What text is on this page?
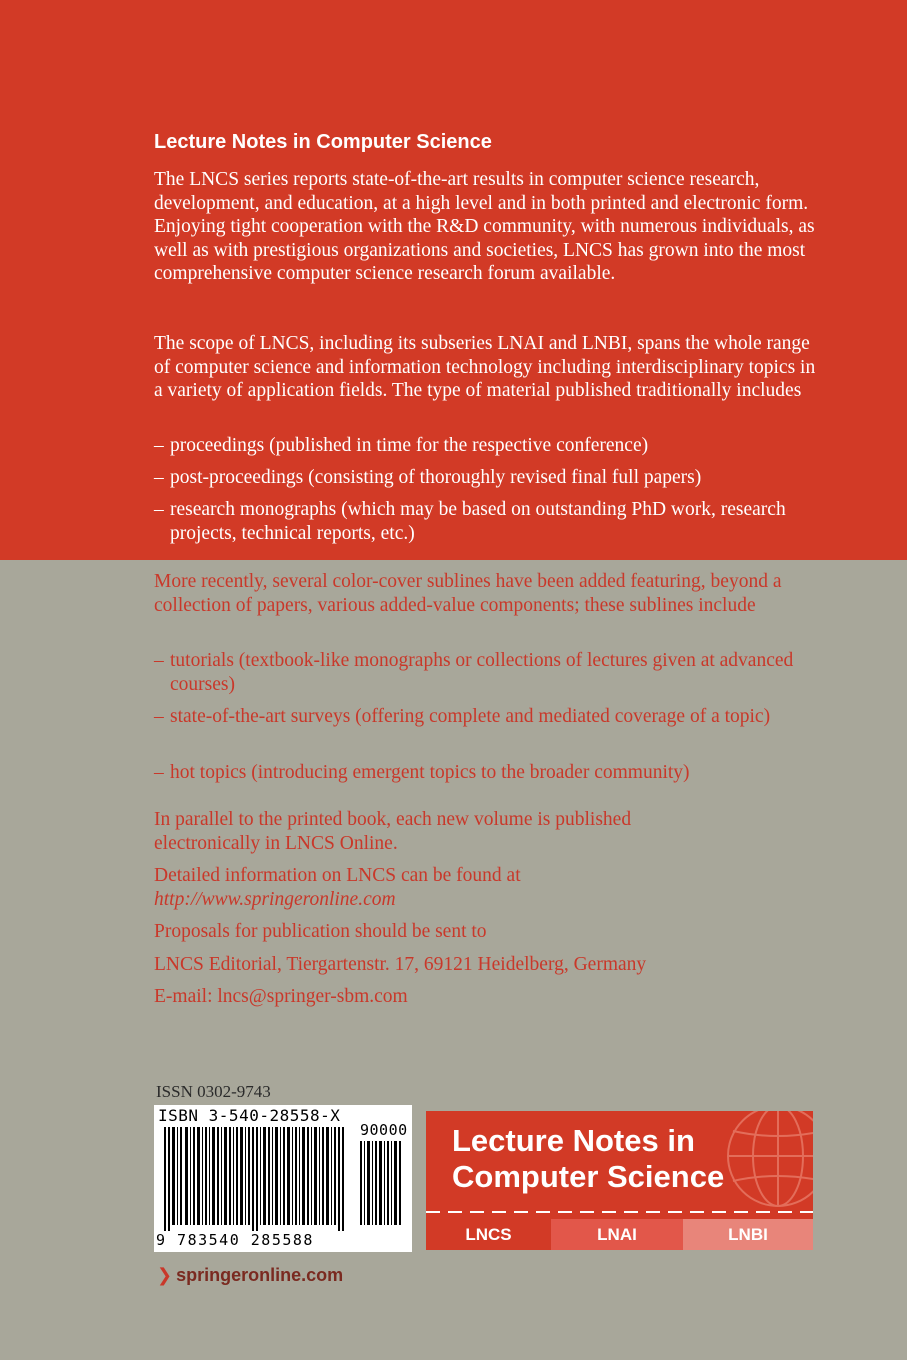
Lecture Notes in Computer Science
The LNCS series reports state-of-the-art results in computer science research, development, and education, at a high level and in both printed and electronic form. Enjoying tight cooperation with the R&D community, with numerous individuals, as well as with prestigious organizations and societies, LNCS has grown into the most comprehensive computer science research forum available.
The scope of LNCS, including its subseries LNAI and LNBI, spans the whole range of computer science and information technology including interdisciplinary topics in a variety of application fields. The type of material published traditionally includes
– proceedings (published in time for the respective conference)
– post-proceedings (consisting of thoroughly revised final full papers)
– research monographs (which may be based on outstanding PhD work, research projects, technical reports, etc.)
More recently, several color-cover sublines have been added featuring, beyond a collection of papers, various added-value components; these sublines include
– tutorials (textbook-like monographs or collections of lectures given at advanced courses)
– state-of-the-art surveys (offering complete and mediated coverage of a topic)
– hot topics (introducing emergent topics to the broader community)
In parallel to the printed book, each new volume is published electronically in LNCS Online.
Detailed information on LNCS can be found at
http://www.springeronline.com
Proposals for publication should be sent to
LNCS Editorial, Tiergartenstr. 17, 69121 Heidelberg, Germany
E-mail: lncs@springer-sbm.com
ISSN 0302-9743
ISBN 3-540-28558-X
90000
9 783540 285588
Lecture Notes in Computer Science
LNCS	LNAI	LNBI
❯ springeronline.com
